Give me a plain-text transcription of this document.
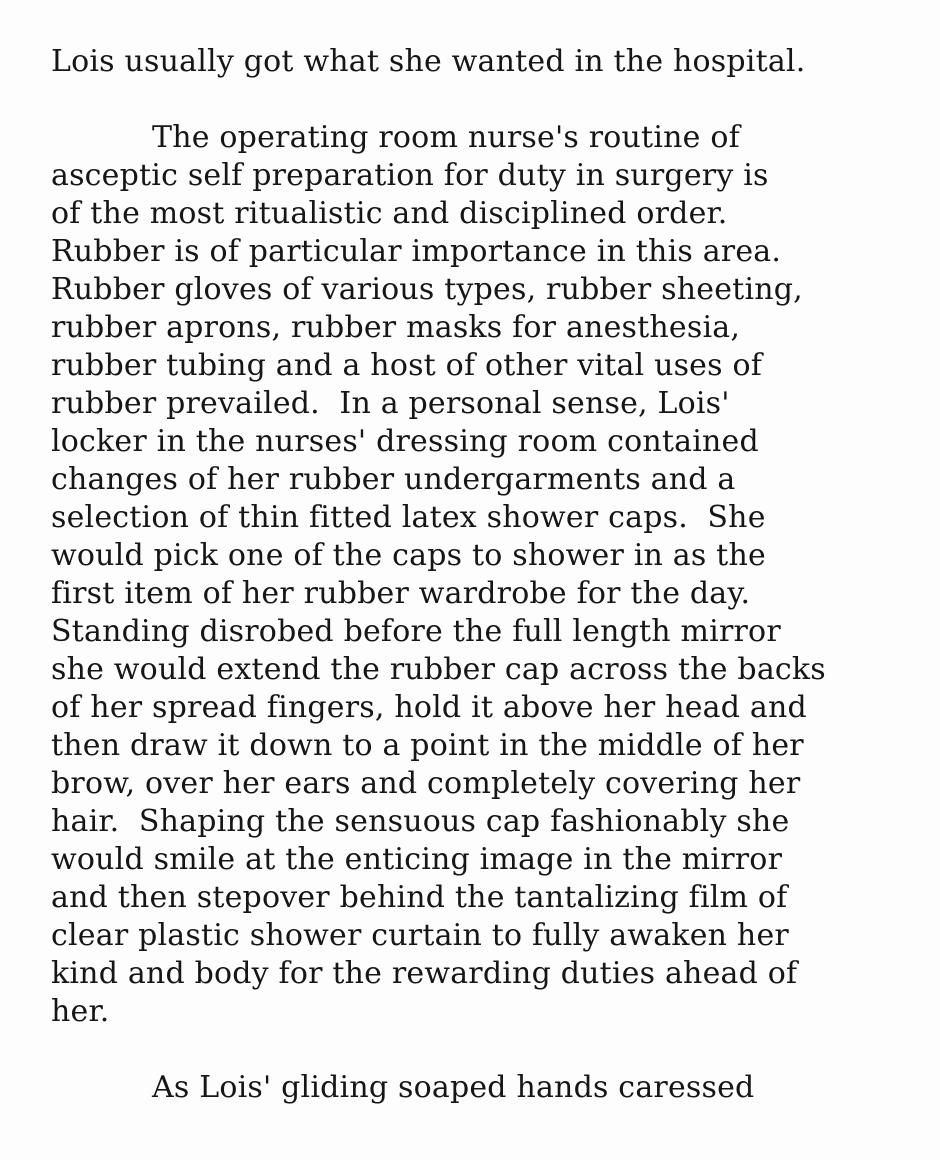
Lois usually got what she wanted in the hospital.
The operating room nurse's routine of
asceptic self preparation for duty in surgery is
of the most ritualistic and disciplined order.
Rubber is of particular importance in this area.
Rubber gloves of various types, rubber sheeting,
rubber aprons, rubber masks for anesthesia,
rubber tubing and a host of other vital uses of
rubber prevailed.  In a personal sense, Lois'
locker in the nurses' dressing room contained
changes of her rubber undergarments and a
selection of thin fitted latex shower caps.  She
would pick one of the caps to shower in as the
first item of her rubber wardrobe for the day.
Standing disrobed before the full length mirror
she would extend the rubber cap across the backs
of her spread fingers, hold it above her head and
then draw it down to a point in the middle of her
brow, over her ears and completely covering her
hair.  Shaping the sensuous cap fashionably she
would smile at the enticing image in the mirror
and then stepover behind the tantalizing film of
clear plastic shower curtain to fully awaken her
kind and body for the rewarding duties ahead of
her.
As Lois' gliding soaped hands caressed
